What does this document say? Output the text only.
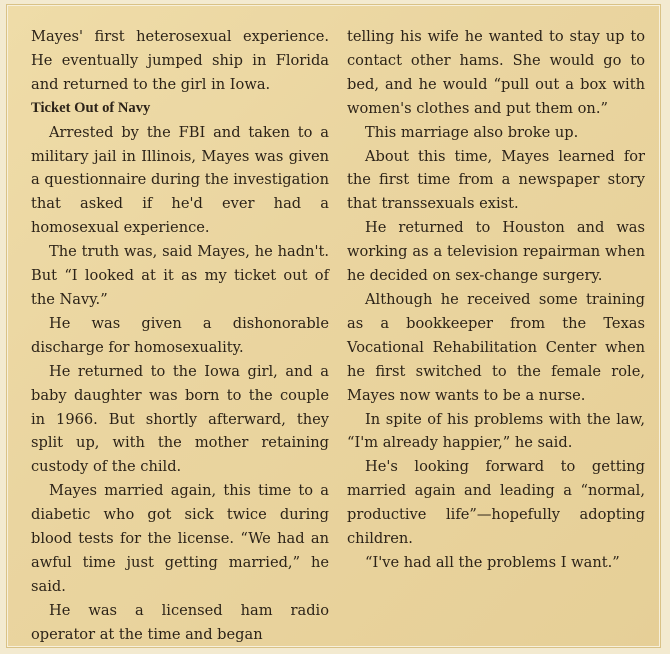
Mayes' first heterosexual experience. He eventually jumped ship in Florida and returned to the girl in Iowa.

Ticket Out of Navy

Arrested by the FBI and taken to a military jail in Illinois, Mayes was given a questionnaire during the investigation that asked if he'd ever had a homosexual experience.

The truth was, said Mayes, he hadn't. But “I looked at it as my ticket out of the Navy.”

He was given a dishonorable discharge for homosexuality.

He returned to the Iowa girl, and a baby daughter was born to the couple in 1966. But shortly afterward, they split up, with the mother retaining custody of the child.

Mayes married again, this time to a diabetic who got sick twice during blood tests for the license. “We had an awful time just getting married,” he said.

He was a licensed ham radio operator at the time and began

telling his wife he wanted to stay up to contact other hams. She would go to bed, and he would “pull out a box with women's clothes and put them on.”

This marriage also broke up.

About this time, Mayes learned for the first time from a newspaper story that transsexuals exist.

He returned to Houston and was working as a television repairman when he decided on sex-change surgery.

Although he received some training as a bookkeeper from the Texas Vocational Rehabilitation Center when he first switched to the female role, Mayes now wants to be a nurse.

In spite of his problems with the law, “I'm already happier,” he said.

He's looking forward to getting married again and leading a “normal, productive life”—hopefully adopting children.

“I've had all the problems I want.”
